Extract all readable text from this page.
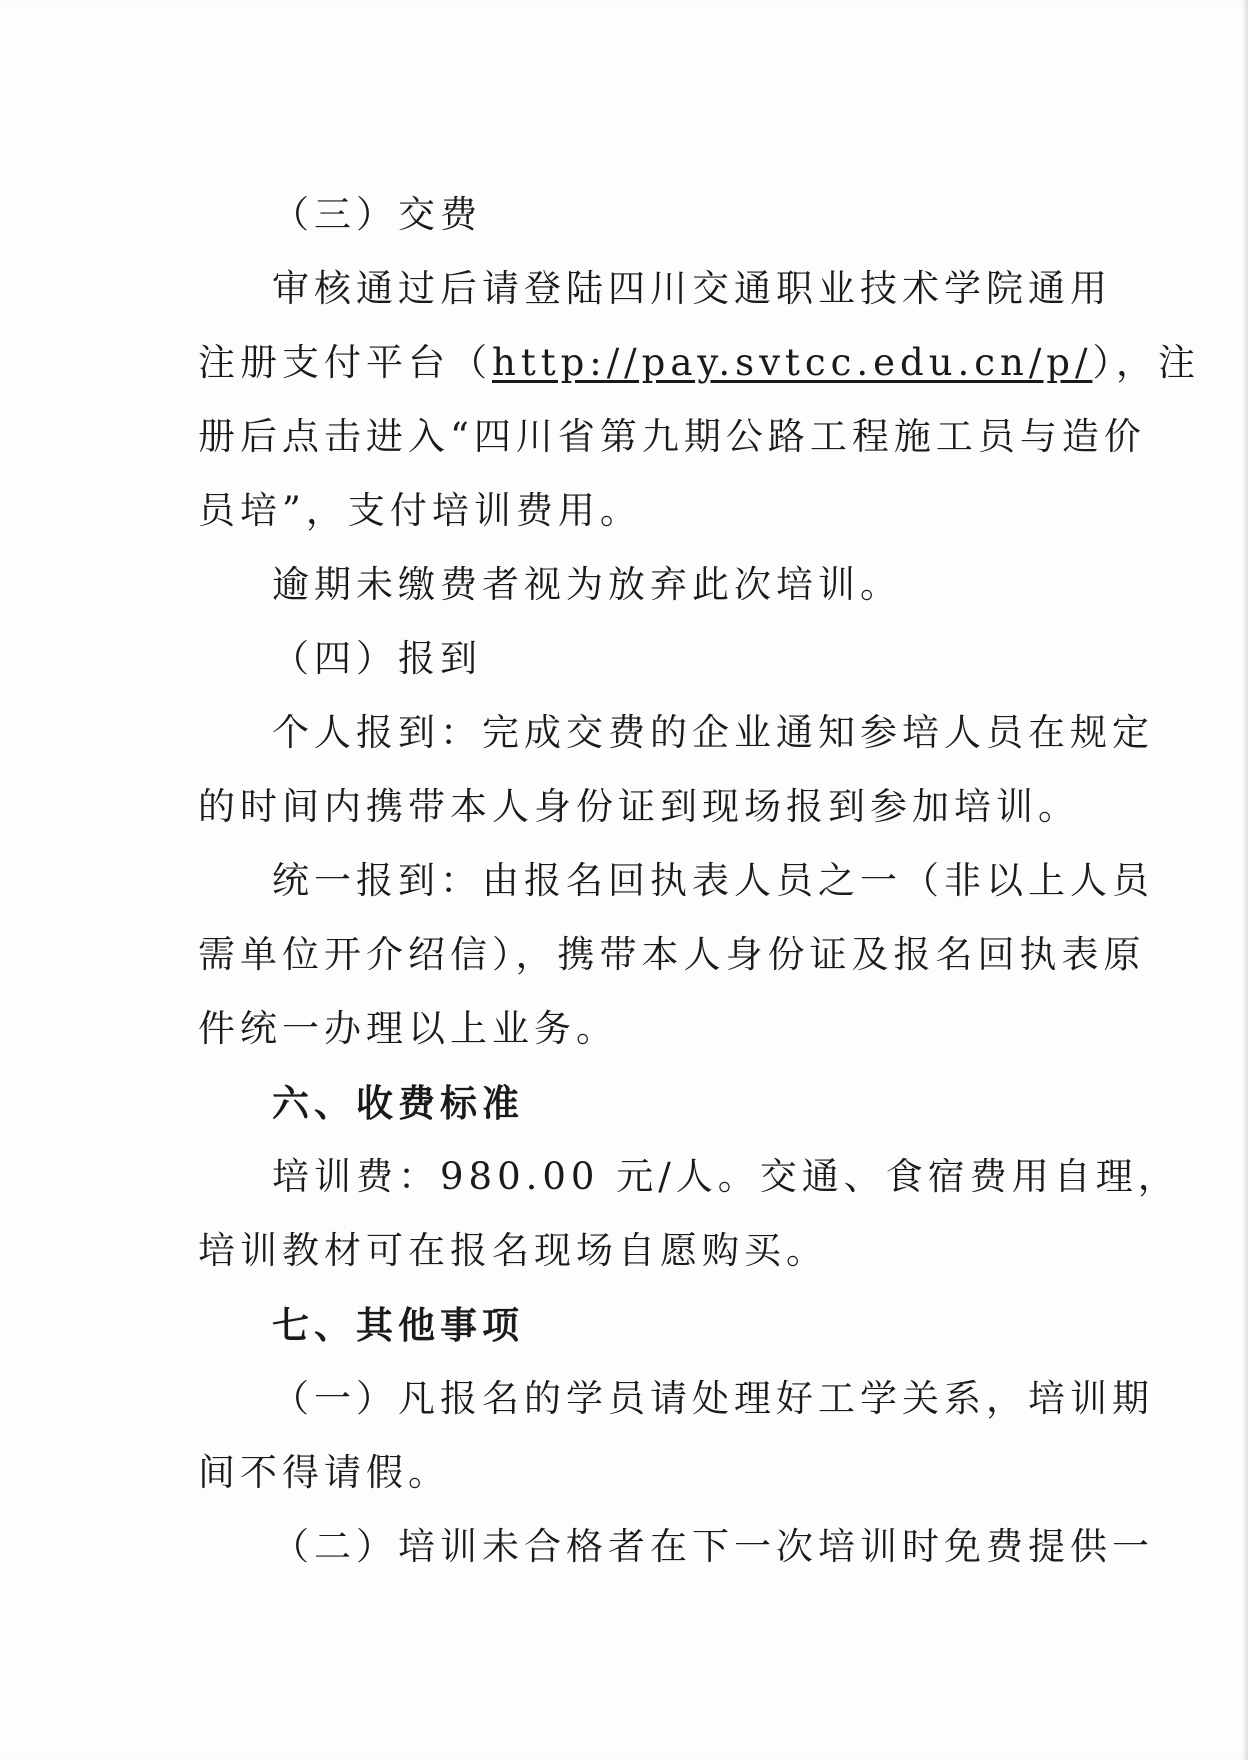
（三）交费

审核通过后请登陆四川交通职业技术学院通用

注册支付平台（http://pay.svtcc.edu.cn/p/），注

册后点击进入“四川省第九期公路工程施工员与造价

员培”，支付培训费用。

逾期未缴费者视为放弃此次培训。

（四）报到

个人报到：完成交费的企业通知参培人员在规定

的时间内携带本人身份证到现场报到参加培训。

统一报到：由报名回执表人员之一（非以上人员

需单位开介绍信），携带本人身份证及报名回执表原

件统一办理以上业务。

六、收费标准

培训费：980.00 元/人。交通、食宿费用自理，

培训教材可在报名现场自愿购买。

七、其他事项

（一）凡报名的学员请处理好工学关系，培训期

间不得请假。

（二）培训未合格者在下一次培训时免费提供一
